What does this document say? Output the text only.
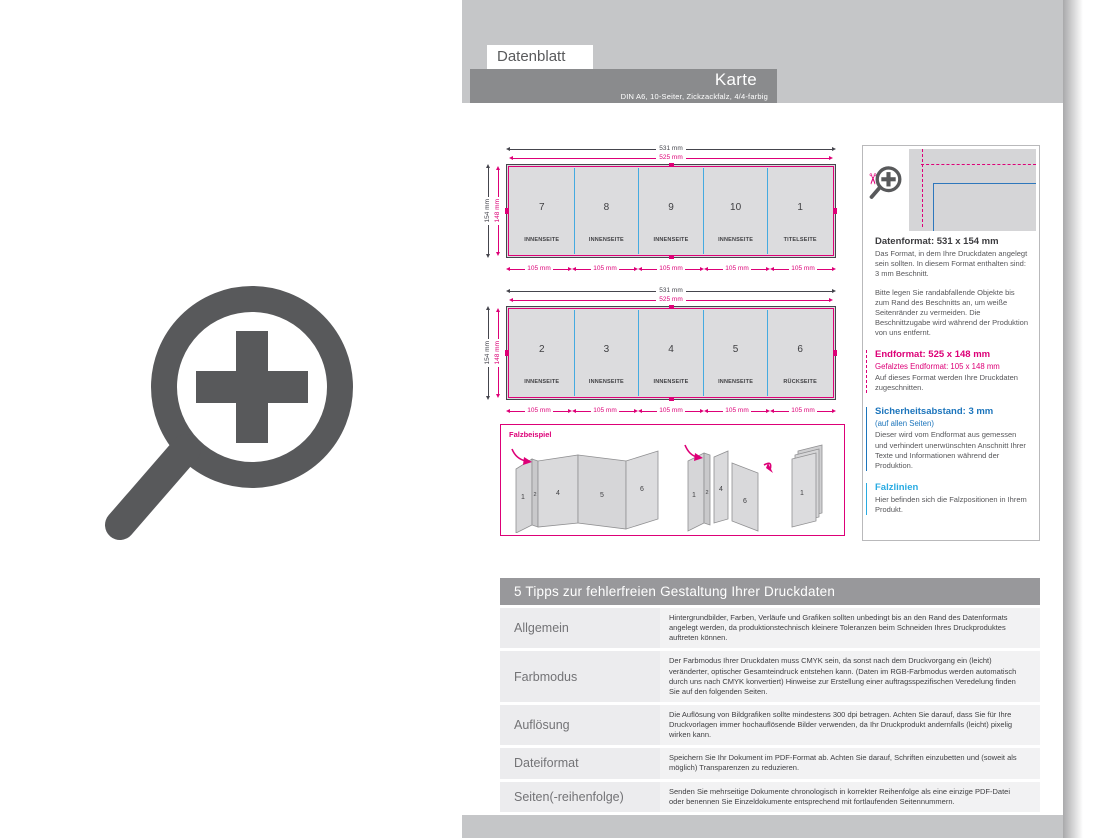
Datenblatt
Karte
DIN A6, 10-Seiter, Zickzackfalz, 4/4-farbig
531 mm
525 mm
154 mm 148 mm	7
INNENSEITE
8
INNENSEITE
9
INNENSEITE
10
INNENSEITE
1
TITELSEITE
105 mm	105 mm	105 mm	105 mm	105 mm
531 mm
525 mm
154 mm 148 mm	2
INNENSEITE
3
INNENSEITE
4
INNENSEITE
5
INNENSEITE
6
RÜCKSEITE
105 mm	105 mm	105 mm	105 mm	105 mm
Falzbeispiel
1 2	4	5
6
1 2 4
6
1
✂
Datenformat: 531 x 154 mm
Das Format, in dem Ihre Druckdaten angelegt sein sollten. In diesem Format enthalten sind: 3 mm Beschnitt.
Bitte legen Sie randabfallende Objekte bis zum Rand des Beschnitts an, um weiße Seitenränder zu vermeiden. Die Beschnittzugabe wird während der Produktion von uns entfernt.
Endformat: 525 x 148 mm
Gefalztes Endformat: 105 x 148 mm
Auf dieses Format werden Ihre Druckdaten zugeschnitten.
Sicherheitsabstand: 3 mm
(auf allen Seiten)
Dieser wird vom Endformat aus gemessen und verhindert unerwünschten Anschnitt Ihrer Texte und Informationen während der Produktion.
Falzlinien
Hier befinden sich die Falzpositionen in Ihrem Produkt.
5 Tipps zur fehlerfreien Gestaltung Ihrer Druckdaten
Allgemein
Hintergrundbilder, Farben, Verläufe und Grafiken sollten unbedingt bis an den Rand des Datenformats angelegt werden, da produktionstechnisch kleinere Toleranzen beim Schneiden Ihres Druckproduktes auftreten können.
Farbmodus
Der Farbmodus Ihrer Druckdaten muss CMYK sein, da sonst nach dem Druckvorgang ein (leicht) veränderter, optischer Gesamteindruck entstehen kann. (Daten im RGB-Farbmodus werden automatisch durch uns nach CMYK konvertiert) Hinweise zur Erstellung einer auftragsspezifischen Veredelung finden Sie auf den folgenden Seiten.
Auflösung
Die Auflösung von Bildgrafiken sollte mindestens 300 dpi betragen. Achten Sie darauf, dass Sie für Ihre Druckvorlagen immer hochauflösende Bilder verwenden, da Ihr Druckprodukt andernfalls (leicht) pixelig wirken kann.
Dateiformat	Speichern Sie Ihr Dokument im PDF-Format ab. Achten Sie darauf, Schriften einzubetten und (soweit als möglich) Transparenzen zu reduzieren.
Seiten(-reihenfolge)	Senden Sie mehrseitige Dokumente chronologisch in korrekter Reihenfolge als eine einzige PDF-Datei oder benennen Sie Einzeldokumente entsprechend mit fortlaufenden Seitennummern.
